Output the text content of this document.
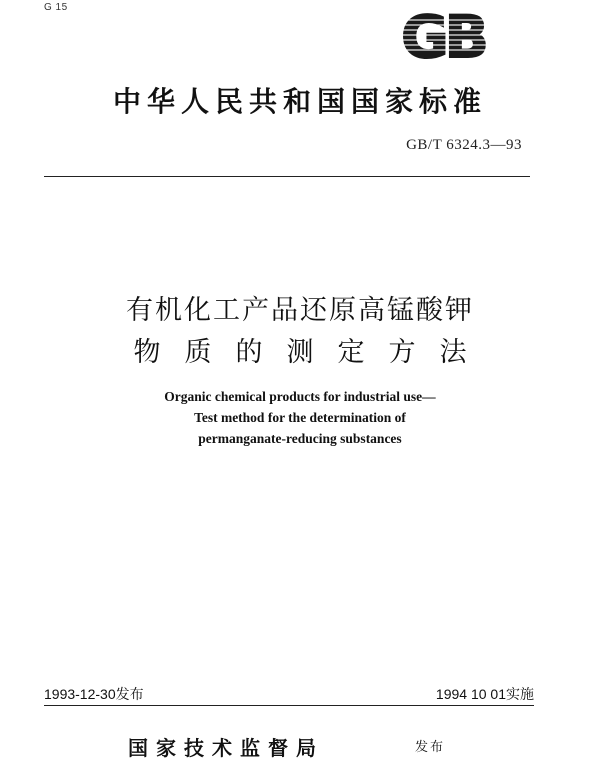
G 15	GB
中华人民共和国国家标准
GB/T 6324.3—93
有机化工产品还原高锰酸钾
物质的测定方法
Organic chemical products for industrial use—
Test method for the determination of
permanganate-reducing substances
1993-12-30发布	1994 10 01实施
国家技术监督局	发布
